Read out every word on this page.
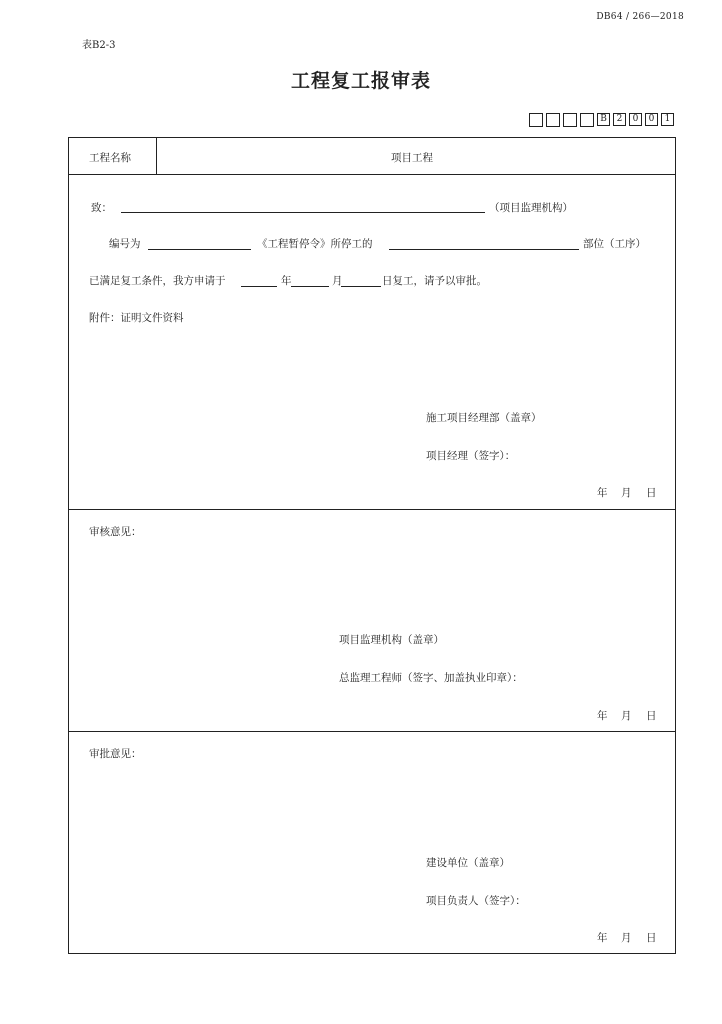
DB64 / 266—2018
表B2-3
工程复工报审表
B	2	0	0	1
工程名称	项目工程
致：	（项目监理机构）
编号为	《工程暂停令》所停工的	部位（工序）
已满足复工条件，我方申请于	年	月	日复工，请予以审批。
附件：证明文件资料
施工项目经理部（盖章）
项目经理（签字）：
年 月 日
审核意见：
项目监理机构（盖章）
总监理工程师（签字、加盖执业印章）：
年 月 日
审批意见：
建设单位（盖章）
项目负责人（签字）：
年 月 日
